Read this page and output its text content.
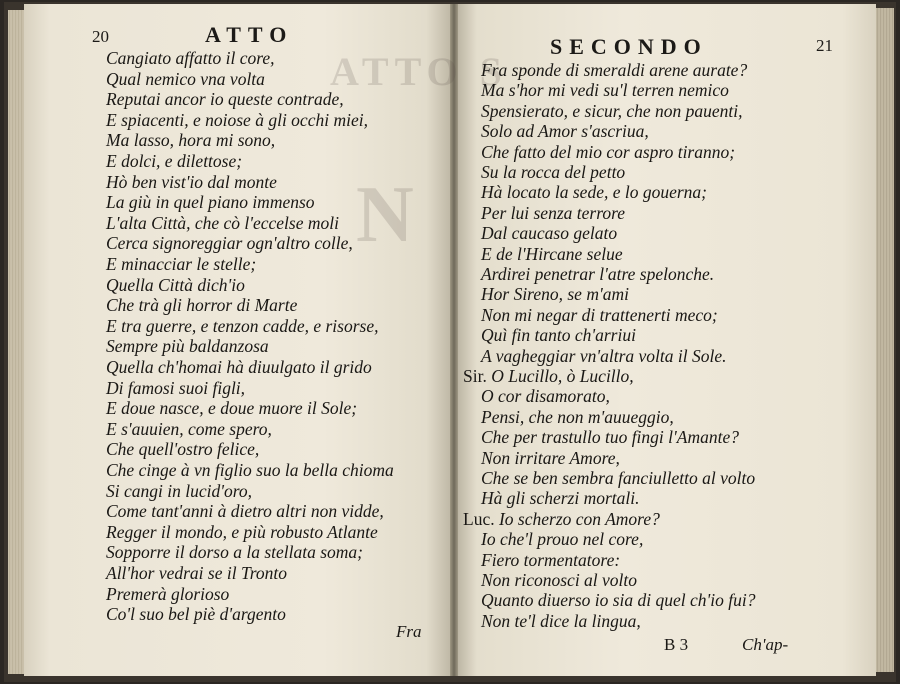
ATTO S
N
20	ATTO	SECONDO	21
Cangiato affatto il core,
Qual nemico vna volta
Reputai ancor io queste contrade,
E spiacenti, e noiose à gli occhi miei,
Ma lasso, hora mi sono,
E dolci, e dilettose;
Hò ben vist'io dal monte
La giù in quel piano immenso
L'alta Città, che cò l'eccelse moli
Cerca signoreggiar ogn'altro colle,
E minacciar le stelle;
Quella Città dich'io
Che trà gli horror di Marte
E tra guerre, e tenzon cadde, e risorse,
Sempre più baldanzosa
Quella ch'homai hà diuulgato il grido
Di famosi suoi figli,
E doue nasce, e doue muore il Sole;
E s'auuien, come spero,
Che quell'ostro felice,
Che cinge à vn figlio suo la bella chioma
Si cangi in lucid'oro,
Come tant'anni à dietro altri non vidde,
Regger il mondo, e più robusto Atlante
Sopporre il dorso a la stellata soma;
All'hor vedrai se il Tronto
Premerà glorioso
Co'l suo bel piè d'argento
Fra
Fra sponde di smeraldi arene aurate?
Ma s'hor mi vedi su'l terren nemico
Spensierato, e sicur, che non pauenti,
Solo ad Amor s'ascriua,
Che fatto del mio cor aspro tiranno;
Su la rocca del petto
Hà locato la sede, e lo gouerna;
Per lui senza terrore
Dal caucaso gelato
E de l'Hircane selue
Ardirei penetrar l'atre spelonche.
Hor Sireno, se m'ami
Non mi negar di trattenerti meco;
Quì fin tanto ch'arriui
A vagheggiar vn'altra volta il Sole.
Sir. O Lucillo, ò Lucillo,
O cor disamorato,
Pensi, che non m'auueggio,
Che per trastullo tuo fingi l'Amante?
Non irritare Amore,
Che se ben sembra fanciulletto al volto
Hà gli scherzi mortali.
Luc. Io scherzo con Amore?
Io che'l prouo nel core,
Fiero tormentatore:
Non riconosci al volto
Quanto diuerso io sia di quel ch'io fui?
Non te'l dice la lingua,
B 3	Ch'ap-
